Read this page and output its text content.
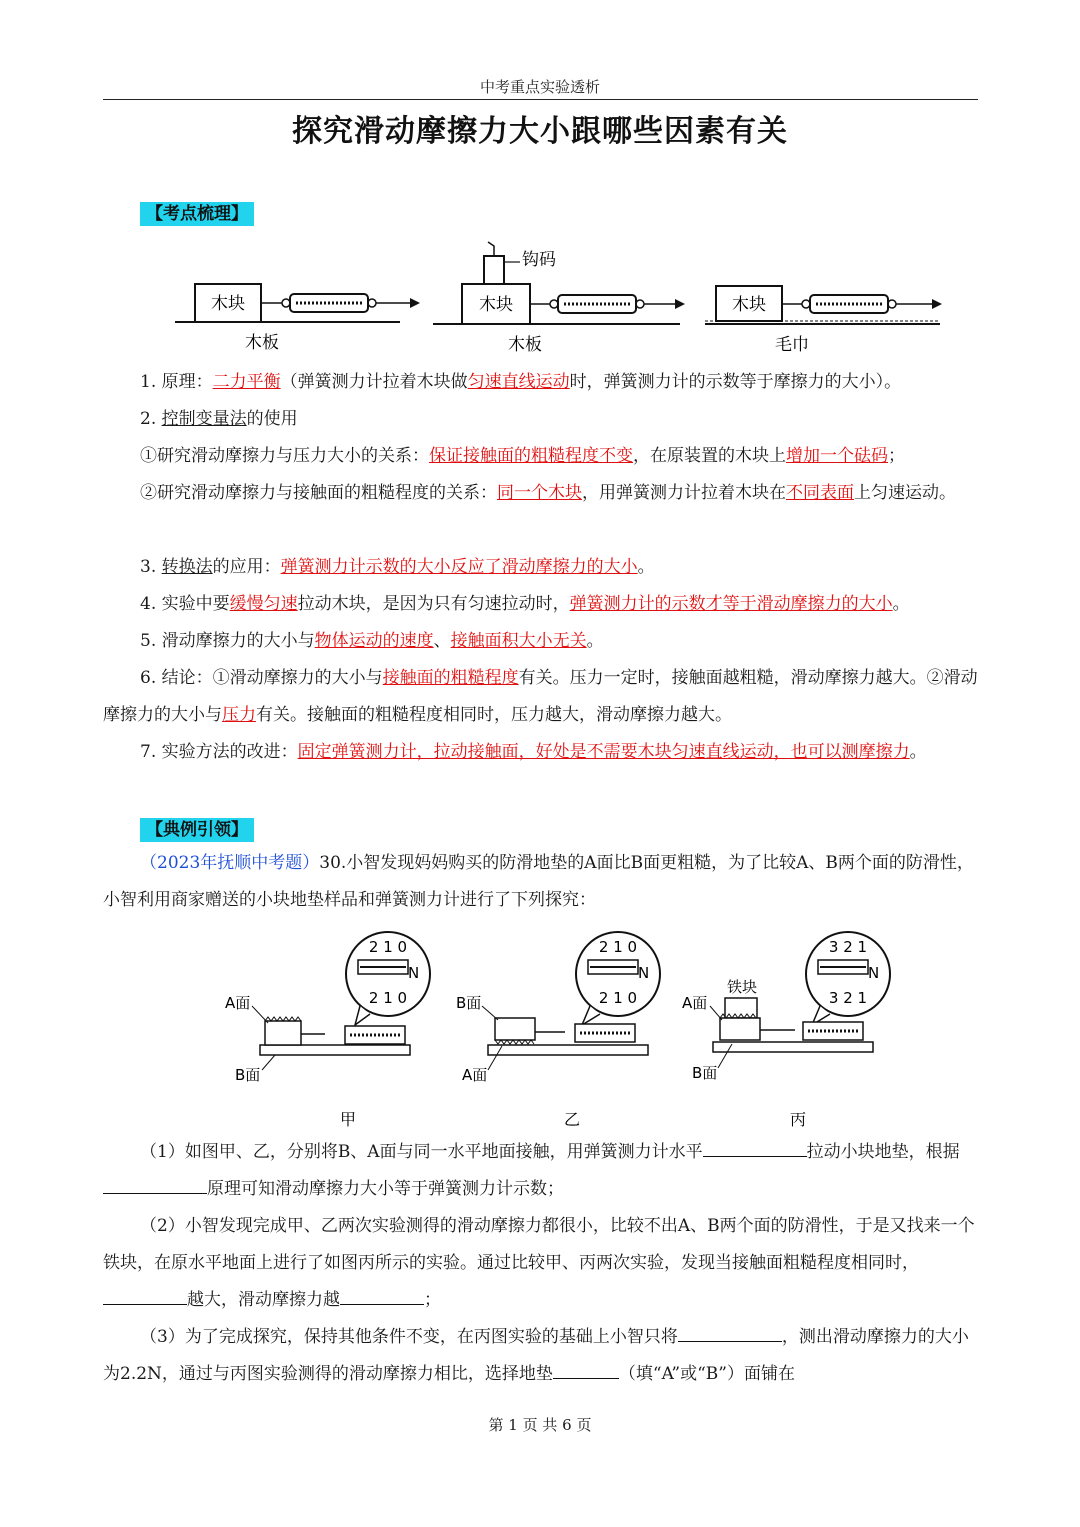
中考重点实验透析
探究滑动摩擦力大小跟哪些因素有关
【考点梳理】
木块
木板
木块
钩码
木板
木块
毛巾
1. 原理：二力平衡（弹簧测力计拉着木块做匀速直线运动时，弹簧测力计的示数等于摩擦力的大小）。
2. 控制变量法的使用
①研究滑动摩擦力与压力大小的关系：保证接触面的粗糙程度不变，在原装置的木块上增加一个砝码；
②研究滑动摩擦力与接触面的粗糙程度的关系：同一个木块，用弹簧测力计拉着木块在不同表面上匀速运动。
3. 转换法的应用：弹簧测力计示数的大小反应了滑动摩擦力的大小。
4. 实验中要缓慢匀速拉动木块，是因为只有匀速拉动时，弹簧测力计的示数才等于滑动摩擦力的大小。
5. 滑动摩擦力的大小与物体运动的速度、接触面积大小无关。
6. 结论：①滑动摩擦力的大小与接触面的粗糙程度有关。压力一定时，接触面越粗糙，滑动摩擦力越大。②滑动摩擦力的大小与压力有关。接触面的粗糙程度相同时，压力越大，滑动摩擦力越大。
7. 实验方法的改进：固定弹簧测力计，拉动接触面，好处是不需要木块匀速直线运动，也可以测摩擦力。
【典例引领】
（2023年抚顺中考题）30.小智发现妈妈购买的防滑地垫的A面比B面更粗糙，为了比较A、B两个面的防滑性，小智利用商家赠送的小块地垫样品和弹簧测力计进行了下列探究：
2 1 0
N
2 1 0
A面
B面
甲
2 1 0
N
2 1 0
B面
A面
乙
3 2 1
N
3 2 1
铁块
A面
B面
丙
（1）如图甲、乙，分别将B、A面与同一水平地面接触，用弹簧测力计水平	拉动小块地垫，根据原理可知滑动摩擦力大小等于弹簧测力计示数；
（2）小智发现完成甲、乙两次实验测得的滑动摩擦力都很小，比较不出A、B两个面的防滑性，于是又找来一个铁块，在原水平地面上进行了如图丙所示的实验。通过比较甲、丙两次实验，发现当接触面粗糙程度相同时，越大，滑动摩擦力越	；
（3）为了完成探究，保持其他条件不变，在丙图实验的基础上小智只将	，测出滑动摩擦力的大小为2.2N，通过与丙图实验测得的滑动摩擦力相比，选择地垫	（填“A”或“B”）面铺在
第 1 页 共 6 页
